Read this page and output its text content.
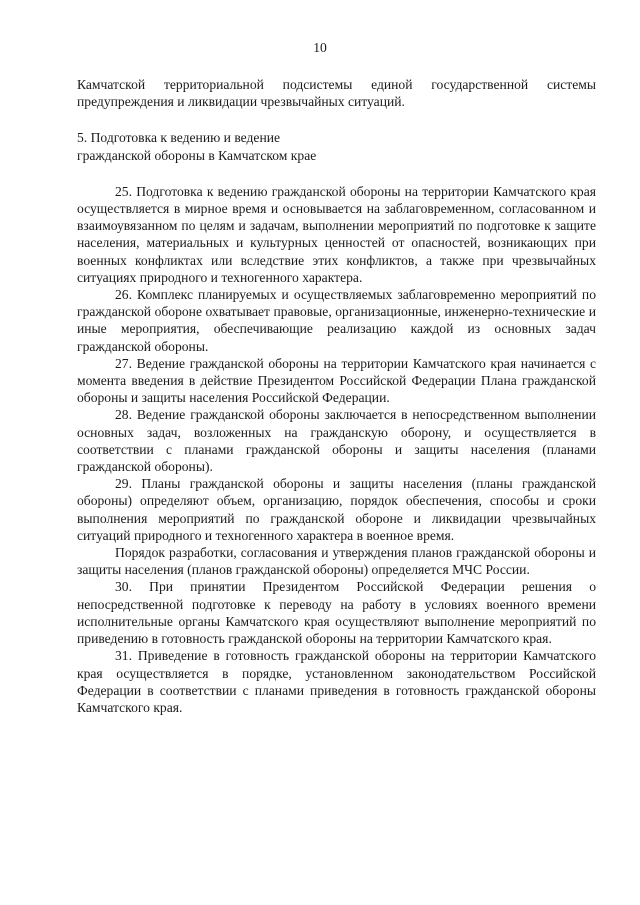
10

Камчатской территориальной подсистемы единой государственной системы предупреждения и ликвидации чрезвычайных ситуаций.

5. Подготовка к ведению и ведение

гражданской обороны в Камчатском крае

25. Подготовка к ведению гражданской обороны на территории Камчатского края осуществляется в мирное время и основывается на заблаговременном, согласованном и взаимоувязанном по целям и задачам, выполнении мероприятий по подготовке к защите населения, материальных и культурных ценностей от опасностей, возникающих при военных конфликтах или вследствие этих конфликтов, а также при чрезвычайных ситуациях природного и техногенного характера.

26. Комплекс планируемых и осуществляемых заблаговременно мероприятий по гражданской обороне охватывает правовые, организационные, инженерно-технические и иные мероприятия, обеспечивающие реализацию каждой из основных задач гражданской обороны.

27. Ведение гражданской обороны на территории Камчатского края начинается с момента введения в действие Президентом Российской Федерации Плана гражданской обороны и защиты населения Российской Федерации.

28. Ведение гражданской обороны заключается в непосредственном выполнении основных задач, возложенных на гражданскую оборону, и осуществляется в соответствии с планами гражданской обороны и защиты населения (планами гражданской обороны).

29. Планы гражданской обороны и защиты населения (планы гражданской обороны) определяют объем, организацию, порядок обеспечения, способы и сроки выполнения мероприятий по гражданской обороне и ликвидации чрезвычайных ситуаций природного и техногенного характера в военное время.

Порядок разработки, согласования и утверждения планов гражданской обороны и защиты населения (планов гражданской обороны) определяется МЧС России.

30. При принятии Президентом Российской Федерации решения о непосредственной подготовке к переводу на работу в условиях военного времени исполнительные органы Камчатского края осуществляют выполнение мероприятий по приведению в готовность гражданской обороны на территории Камчатского края.

31. Приведение в готовность гражданской обороны на территории Камчатского края осуществляется в порядке, установленном законодательством Российской Федерации в соответствии с планами приведения в готовность гражданской обороны Камчатского края.
